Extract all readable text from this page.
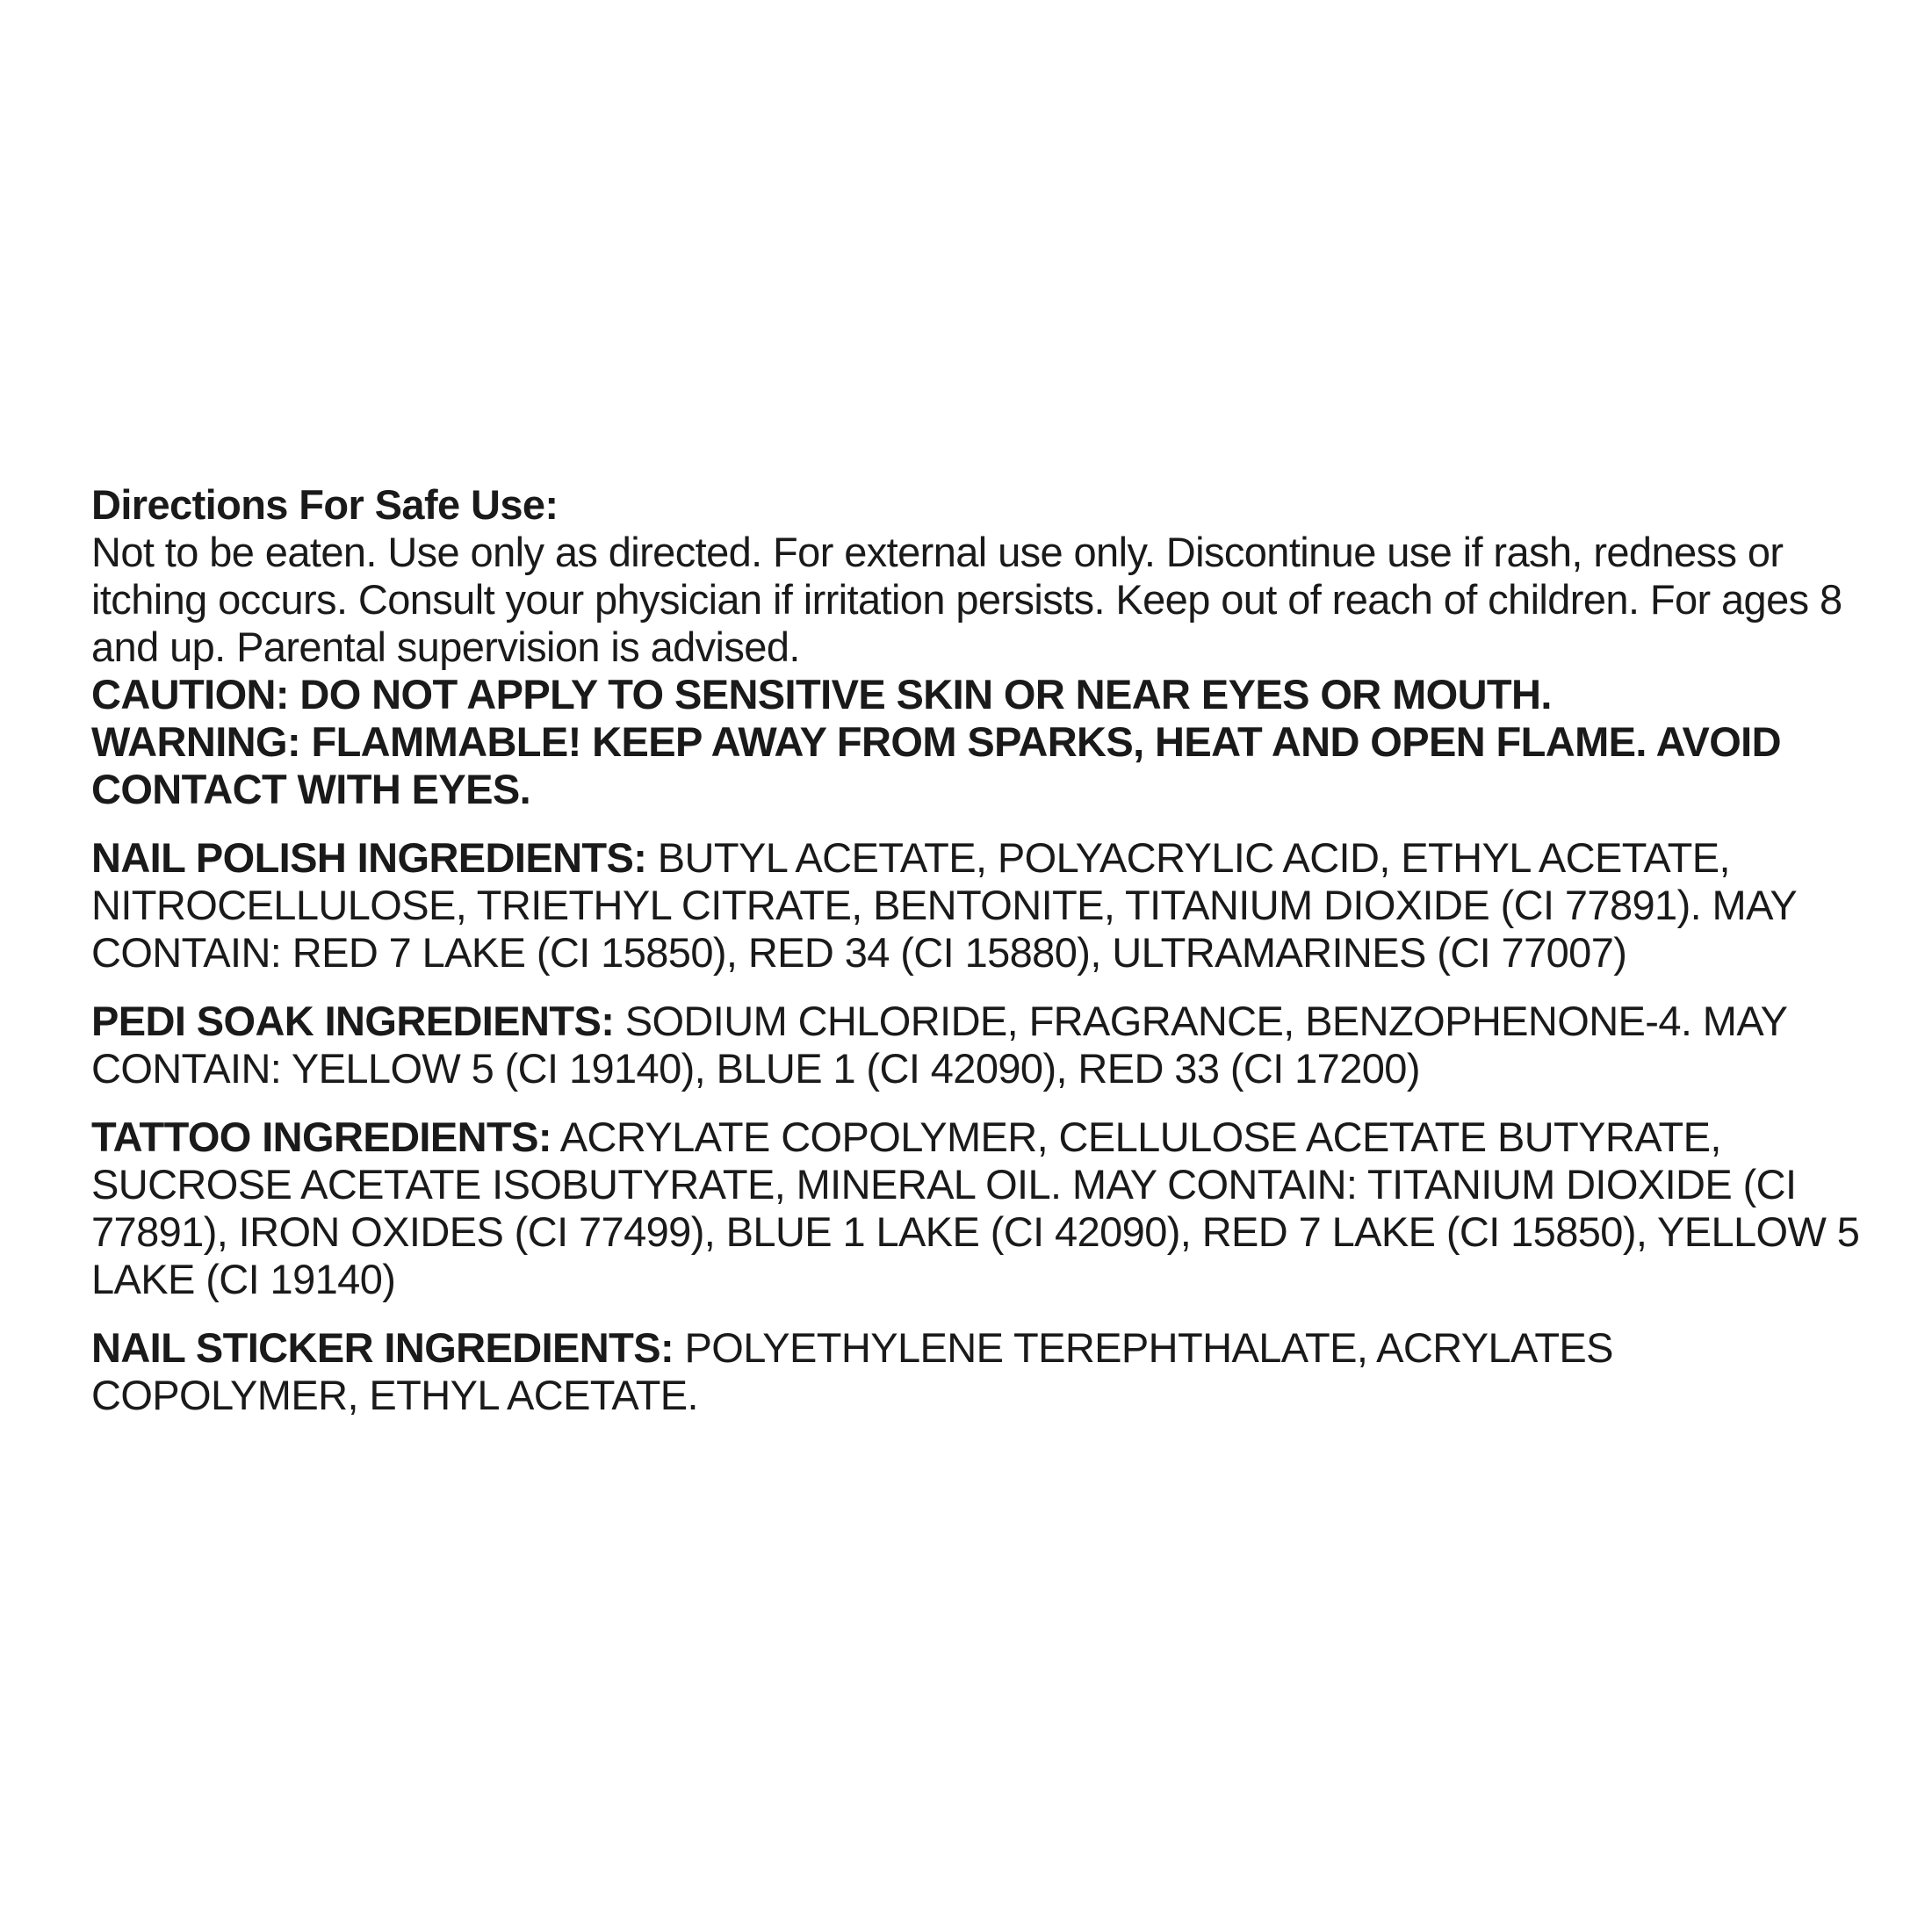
Directions For Safe Use:
Not to be eaten. Use only as directed. For external use only. Discontinue use if rash, redness or itching occurs. Consult your physician if irritation persists. Keep out of reach of children. For ages 8 and up. Parental supervision is advised.
CAUTION: DO NOT APPLY TO SENSITIVE SKIN OR NEAR EYES OR MOUTH.
WARNING: FLAMMABLE! KEEP AWAY FROM SPARKS, HEAT AND OPEN FLAME. AVOID CONTACT WITH EYES.

NAIL POLISH INGREDIENTS: BUTYL ACETATE, POLYACRYLIC ACID, ETHYL ACETATE, NITROCELLULOSE, TRIETHYL CITRATE, BENTONITE, TITANIUM DIOXIDE (CI 77891). MAY CONTAIN: RED 7 LAKE (CI 15850), RED 34 (CI 15880), ULTRAMARINES (CI 77007)

PEDI SOAK INGREDIENTS: SODIUM CHLORIDE, FRAGRANCE, BENZOPHENONE-4. MAY CONTAIN: YELLOW 5 (CI 19140), BLUE 1 (CI 42090), RED 33 (CI 17200)

TATTOO INGREDIENTS: ACRYLATE COPOLYMER, CELLULOSE ACETATE BUTYRATE, SUCROSE ACETATE ISOBUTYRATE, MINERAL OIL. MAY CONTAIN: TITANIUM DIOXIDE (CI 77891), IRON OXIDES (CI 77499), BLUE 1 LAKE (CI 42090), RED 7 LAKE (CI 15850), YELLOW 5 LAKE (CI 19140)

NAIL STICKER INGREDIENTS: POLYETHYLENE TEREPHTHALATE, ACRYLATES COPOLYMER, ETHYL ACETATE.
